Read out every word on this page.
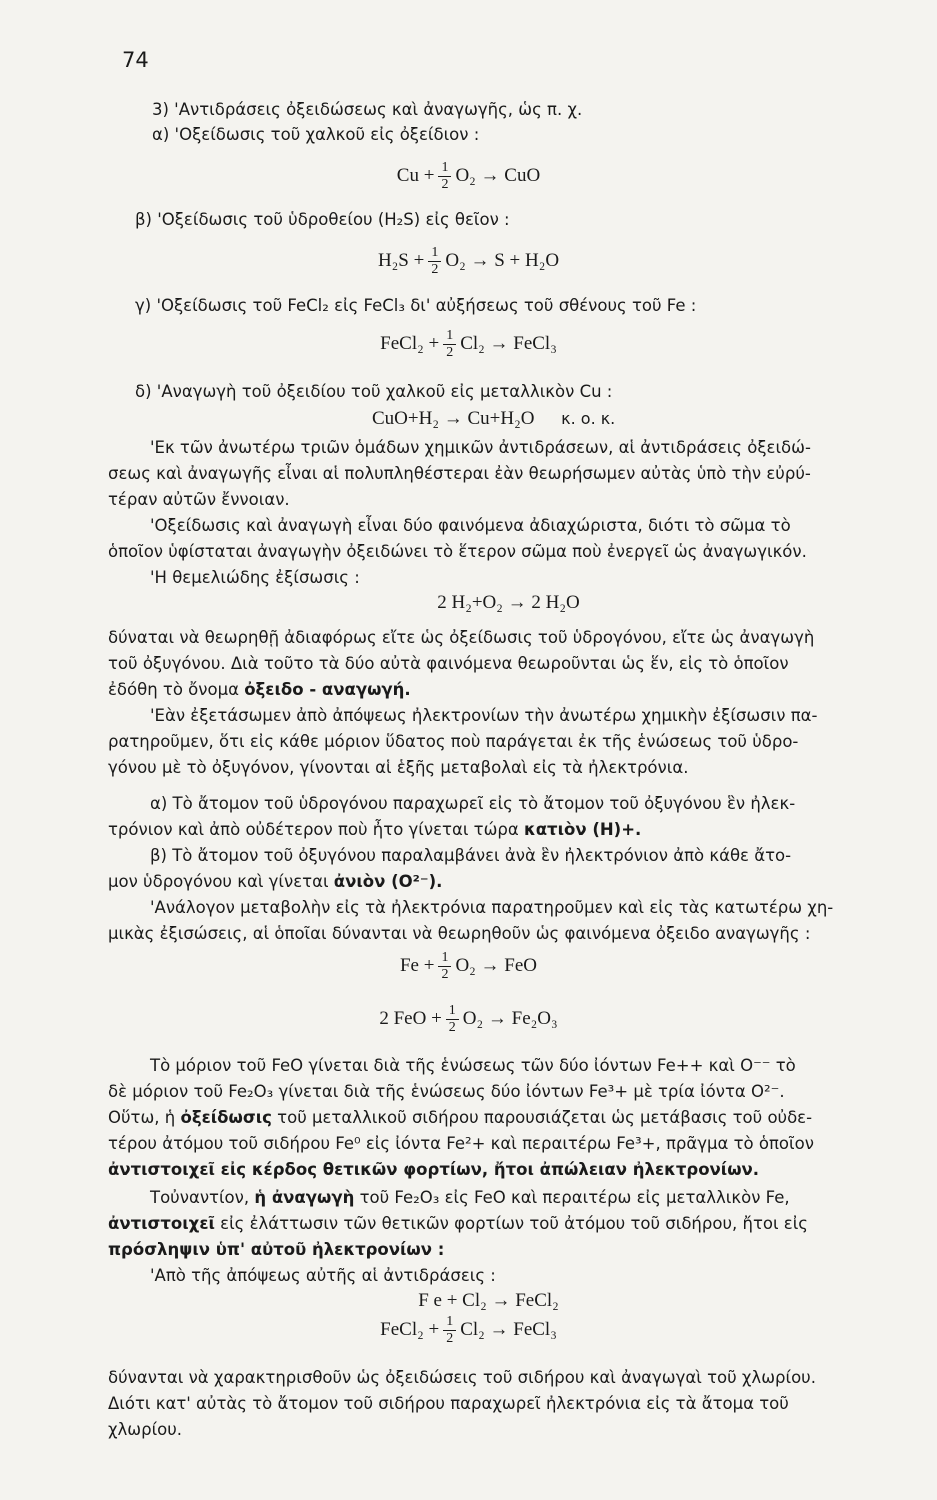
74
3) 'Αντιδράσεις ὀξειδώσεως καὶ ἀναγωγῆς, ὡς π. χ.
α) 'Οξείδωσις τοῦ χαλκοῦ εἰς ὀξείδιον :
$Cu + \frac{1}{2} O_2$ → CuO
β) 'Οξείδωσις τοῦ ὑδροθείου (H₂S) εἰς θεῖον :
$H_2S + \frac{1}{2} O_2 \to S + H_2O$
γ) 'Οξείδωσις τοῦ FeCl₂ εἰς FeCl₃ δι' αὐξήσεως τοῦ σθένους τοῦ Fe :
FeCl₂ + $\frac{1}{2} Cl_2$ → FeCl₃
δ) 'Αναγωγὴ τοῦ ὀξειδίου τοῦ χαλκοῦ εἰς μεταλλικὸν Cu :
CuO+H₂ → Cu+H₂O κ. ο. κ.
'Εκ τῶν ἀνωτέρω τριῶν ὁμάδων χημικῶν ἀντιδράσεων, αἱ ἀντιδράσεις ὀξειδώ-
σεως καὶ ἀναγωγῆς εἶναι αἱ πολυπληθέστεραι ἐὰν θεωρήσωμεν αὐτὰς ὑπὸ τὴν εὐρύ-
τέραν αὐτῶν ἔννοιαν.
'Οξείδωσις καὶ ἀναγωγὴ εἶναι δύο φαινόμενα ἀδιαχώριστα, διότι τὸ σῶμα τὸ
ὁποῖον ὑφίσταται ἀναγωγὴν ὀξειδώνει τὸ ἕτερον σῶμα ποὺ ἐνεργεῖ ὡς ἀναγωγικόν.
'Η θεμελιώδης ἐξίσωσις :
2 H₂+O₂ → 2 H₂O
δύναται νὰ θεωρηθῇ ἀδιαφόρως εἴτε ὡς ὀξείδωσις τοῦ ὑδρογόνου, εἴτε ὡς ἀναγωγὴ
τοῦ ὀξυγόνου. Διὰ τοῦτο τὰ δύο αὐτὰ φαινόμενα θεωροῦνται ὡς ἕν, εἰς τὸ ὁποῖον
ἐδόθη τὸ ὄνομα ὀξειδο - αναγωγή.
'Εὰν ἐξετάσωμεν ἀπὸ ἀπόψεως ἠλεκτρονίων τὴν ἀνωτέρω χημικὴν ἐξίσωσιν πα-
ρατηροῦμεν, ὅτι εἰς κάθε μόριον ὕδατος ποὺ παράγεται ἐκ τῆς ἑνώσεως τοῦ ὑδρο-
γόνου μὲ τὸ ὀξυγόνον, γίνονται αἱ ἑξῆς μεταβολαὶ εἰς τὰ ἠλεκτρόνια.
α) Τὸ ἄτομον τοῦ ὑδρογόνου παραχωρεῖ εἰς τὸ ἄτομον τοῦ ὀξυγόνου ἓν ἠλεκ-
τρόνιον καὶ ἀπὸ οὐδέτερον ποὺ ἦτο γίνεται τώρα κατιὸν (H)+.
β) Τὸ ἄτομον τοῦ ὀξυγόνου παραλαμβάνει ἀνὰ ἓν ἠλεκτρόνιον ἀπὸ κάθε ἄτο-
μον ὑδρογόνου καὶ γίνεται ἀνιὸν (O²⁻).
'Ανάλογον μεταβολὴν εἰς τὰ ἠλεκτρόνια παρατηροῦμεν καὶ εἰς τὰς κατωτέρω χη-
μικὰς ἐξισώσεις, αἱ ὁποῖαι δύνανται νὰ θεωρηθοῦν ὡς φαινόμενα ὀξειδο αναγωγῆς :
$Fe + \frac{1}{2} O_2$ → FeO
2 FeO + $\frac{1}{2} O_2 \to Fe_2O_3$
Τὸ μόριον τοῦ FeO γίνεται διὰ τῆς ἑνώσεως τῶν δύο ἰόντων Fe++ καὶ O⁻⁻ τὸ
δὲ μόριον τοῦ Fe₂O₃ γίνεται διὰ τῆς ἑνώσεως δύο ἰόντων Fe³+ μὲ τρία ἰόντα O²⁻.
Οὕτω, ἡ ὀξείδωσις τοῦ μεταλλικοῦ σιδήρου παρουσιάζεται ὡς μετάβασις τοῦ οὐδε-
τέρου ἀτόμου τοῦ σιδήρου Fe⁰ εἰς ἰόντα Fe²+ καὶ περαιτέρω Fe³+, πρᾶγμα τὸ ὁποῖον
ἀντιστοιχεῖ εἰς κέρδος θετικῶν φορτίων, ἤτοι ἀπώλειαν ἠλεκτρονίων.
Τοὐναντίον, ἡ ἀναγωγὴ τοῦ Fe₂O₃ εἰς FeO καὶ περαιτέρω εἰς μεταλλικὸν Fe,
ἀντιστοιχεῖ εἰς ἐλάττωσιν τῶν θετικῶν φορτίων τοῦ ἀτόμου τοῦ σιδήρου, ἤτοι εἰς
πρόσληψιν ὑπ' αὐτοῦ ἠλεκτρονίων :
'Απὸ τῆς ἀπόψεως αὐτῆς αἱ ἀντιδράσεις :
F e + Cl₂ → FeCl₂
FeCl₂ + $\frac{1}{2} Cl_2$ → FeCl₃
δύνανται νὰ χαρακτηρισθοῦν ὡς ὀξειδώσεις τοῦ σιδήρου καὶ ἀναγωγαὶ τοῦ χλωρίου.
Διότι κατ' αὐτὰς τὸ ἄτομον τοῦ σιδήρου παραχωρεῖ ἠλεκτρόνια εἰς τὰ ἄτομα τοῦ
χλωρίου.
